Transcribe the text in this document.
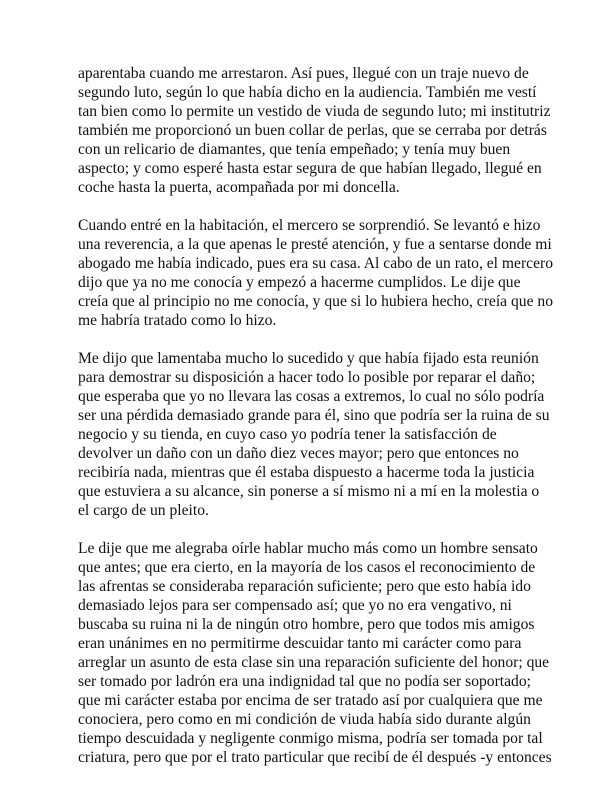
aparentaba cuando me arrestaron. Así pues, llegué con un traje nuevo de
segundo luto, según lo que había dicho en la audiencia. También me vestí
tan bien como lo permite un vestido de viuda de segundo luto; mi institutriz
también me proporcionó un buen collar de perlas, que se cerraba por detrás
con un relicario de diamantes, que tenía empeñado; y tenía muy buen
aspecto; y como esperé hasta estar segura de que habían llegado, llegué en
coche hasta la puerta, acompañada por mi doncella.

Cuando entré en la habitación, el mercero se sorprendió. Se levantó e hizo
una reverencia, a la que apenas le presté atención, y fue a sentarse donde mi
abogado me había indicado, pues era su casa. Al cabo de un rato, el mercero
dijo que ya no me conocía y empezó a hacerme cumplidos. Le dije que
creía que al principio no me conocía, y que si lo hubiera hecho, creía que no
me habría tratado como lo hizo.

Me dijo que lamentaba mucho lo sucedido y que había fijado esta reunión
para demostrar su disposición a hacer todo lo posible por reparar el daño;
que esperaba que yo no llevara las cosas a extremos, lo cual no sólo podría
ser una pérdida demasiado grande para él, sino que podría ser la ruina de su
negocio y su tienda, en cuyo caso yo podría tener la satisfacción de
devolver un daño con un daño diez veces mayor; pero que entonces no
recibiría nada, mientras que él estaba dispuesto a hacerme toda la justicia
que estuviera a su alcance, sin ponerse a sí mismo ni a mí en la molestia o
el cargo de un pleito.

Le dije que me alegraba oírle hablar mucho más como un hombre sensato
que antes; que era cierto, en la mayoría de los casos el reconocimiento de
las afrentas se consideraba reparación suficiente; pero que esto había ido
demasiado lejos para ser compensado así; que yo no era vengativo, ni
buscaba su ruina ni la de ningún otro hombre, pero que todos mis amigos
eran unánimes en no permitirme descuidar tanto mi carácter como para
arreglar un asunto de esta clase sin una reparación suficiente del honor; que
ser tomado por ladrón era una indignidad tal que no podía ser soportado;
que mi carácter estaba por encima de ser tratado así por cualquiera que me
conociera, pero como en mi condición de viuda había sido durante algún
tiempo descuidada y negligente conmigo misma, podría ser tomada por tal
criatura, pero que por el trato particular que recibí de él después -y entonces
